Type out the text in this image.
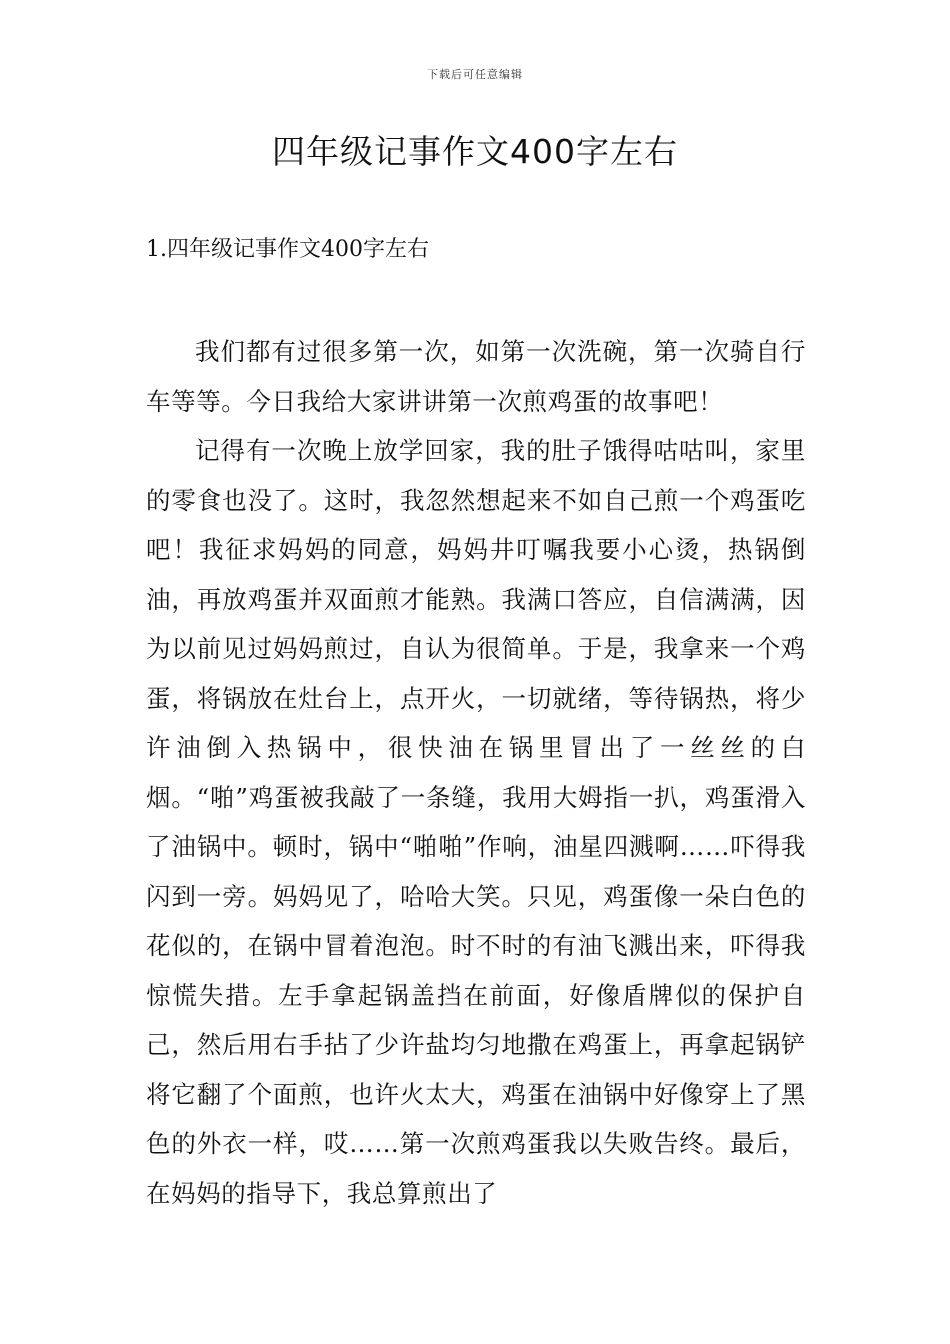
下载后可任意编辑
四年级记事作文400字左右
1.四年级记事作文400字左右

我们都有过很多第一次，如第一次洗碗，第一次骑自行车等等。今日我给大家讲讲第一次煎鸡蛋的故事吧！

记得有一次晚上放学回家，我的肚子饿得咕咕叫，家里的零食也没了。这时，我忽然想起来不如自己煎一个鸡蛋吃吧！我征求妈妈的同意，妈妈井叮嘱我要小心烫，热锅倒油，再放鸡蛋并双面煎才能熟。我满口答应，自信满满，因为以前见过妈妈煎过，自认为很简单。于是，我拿来一个鸡蛋，将锅放在灶台上，点开火，一切就绪，等待锅热，将少许油倒入热锅中，很快油在锅里冒出了一丝丝的白烟。“啪”鸡蛋被我敲了一条缝，我用大姆指一扒，鸡蛋滑入了油锅中。顿时，锅中“啪啪”作响，油星四溅啊……吓得我闪到一旁。妈妈见了，哈哈大笑。只见，鸡蛋像一朵白色的花似的，在锅中冒着泡泡。时不时的有油飞溅出来，吓得我惊慌失措。左手拿起锅盖挡在前面，好像盾牌似的保护自己，然后用右手拈了少许盐均匀地撒在鸡蛋上，再拿起锅铲将它翻了个面煎，也许火太大，鸡蛋在油锅中好像穿上了黑色的外衣一样，哎……第一次煎鸡蛋我以失败告终。最后，在妈妈的指导下，我总算煎出了
